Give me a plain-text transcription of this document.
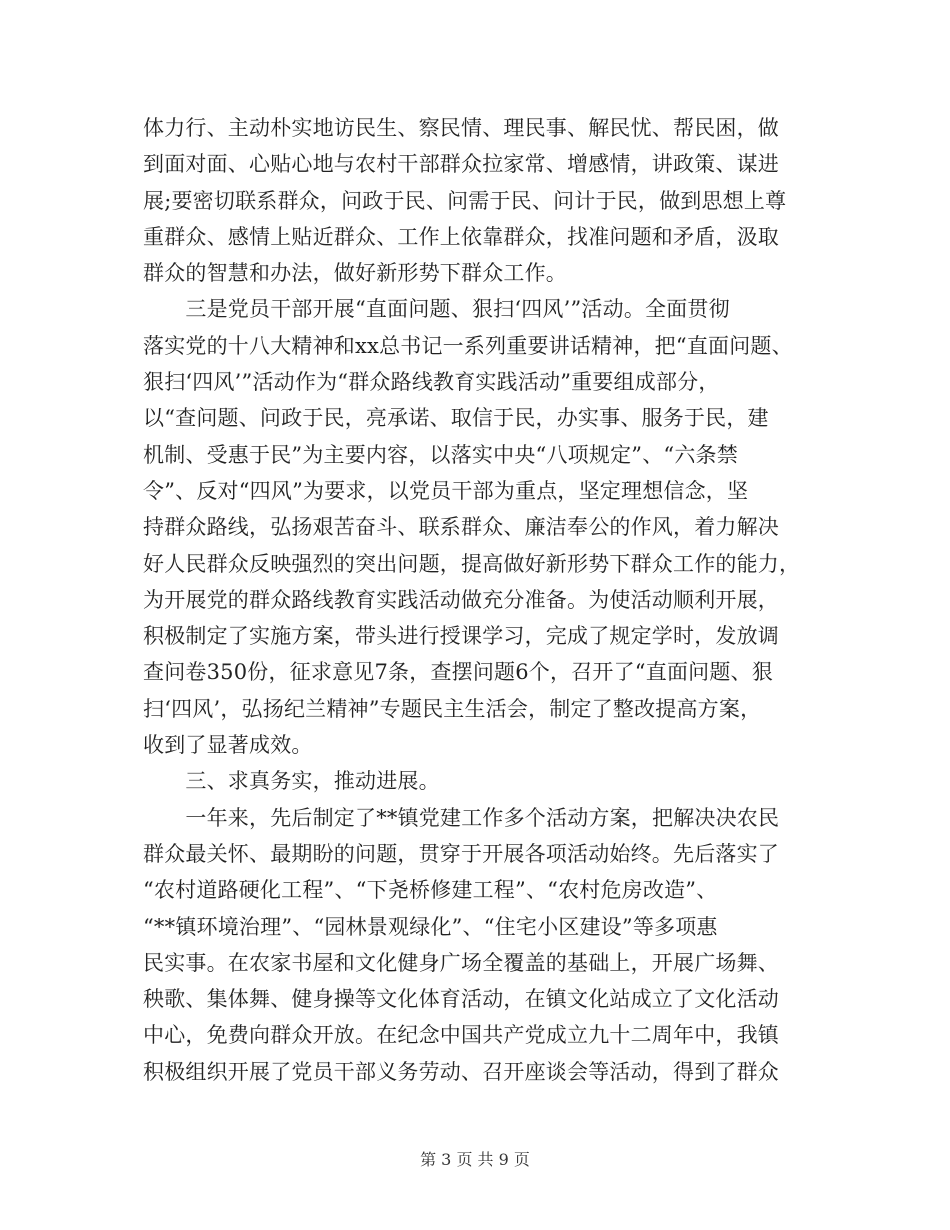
体力行、主动朴实地访民生、察民情、理民事、解民忧、帮民困，做
到面对面、心贴心地与农村干部群众拉家常、增感情，讲政策、谋进
展;要密切联系群众，问政于民、问需于民、问计于民，做到思想上尊
重群众、感情上贴近群众、工作上依靠群众，找准问题和矛盾，汲取
群众的智慧和办法，做好新形势下群众工作。
　　三是党员干部开展“直面问题、狠扫‘四风’”活动。全面贯彻
落实党的十八大精神和xx总书记一系列重要讲话精神，把“直面问题、
狠扫‘四风’”活动作为“群众路线教育实践活动”重要组成部分，
以“查问题、问政于民，亮承诺、取信于民，办实事、服务于民，建
机制、受惠于民”为主要内容，以落实中央“八项规定”、“六条禁
令”、反对“四风”为要求，以党员干部为重点，坚定理想信念，坚
持群众路线，弘扬艰苦奋斗、联系群众、廉洁奉公的作风，着力解决
好人民群众反映强烈的突出问题，提高做好新形势下群众工作的能力，
为开展党的群众路线教育实践活动做充分准备。为使活动顺利开展，
积极制定了实施方案，带头进行授课学习，完成了规定学时，发放调
查问卷350份，征求意见7条，查摆问题6个，召开了“直面问题、狠
扫‘四风’，弘扬纪兰精神”专题民主生活会，制定了整改提高方案，
收到了显著成效。
　　三、求真务实，推动进展。
　　一年来，先后制定了**镇党建工作多个活动方案，把解决决农民
群众最关怀、最期盼的问题，贯穿于开展各项活动始终。先后落实了
“农村道路硬化工程”、“下尧桥修建工程”、“农村危房改造”、
“**镇环境治理”、“园林景观绿化”、“住宅小区建设”等多项惠
民实事。在农家书屋和文化健身广场全覆盖的基础上，开展广场舞、
秧歌、集体舞、健身操等文化体育活动，在镇文化站成立了文化活动
中心，免费向群众开放。在纪念中国共产党成立九十二周年中，我镇
积极组织开展了党员干部义务劳动、召开座谈会等活动，得到了群众
第 3 页 共 9 页
